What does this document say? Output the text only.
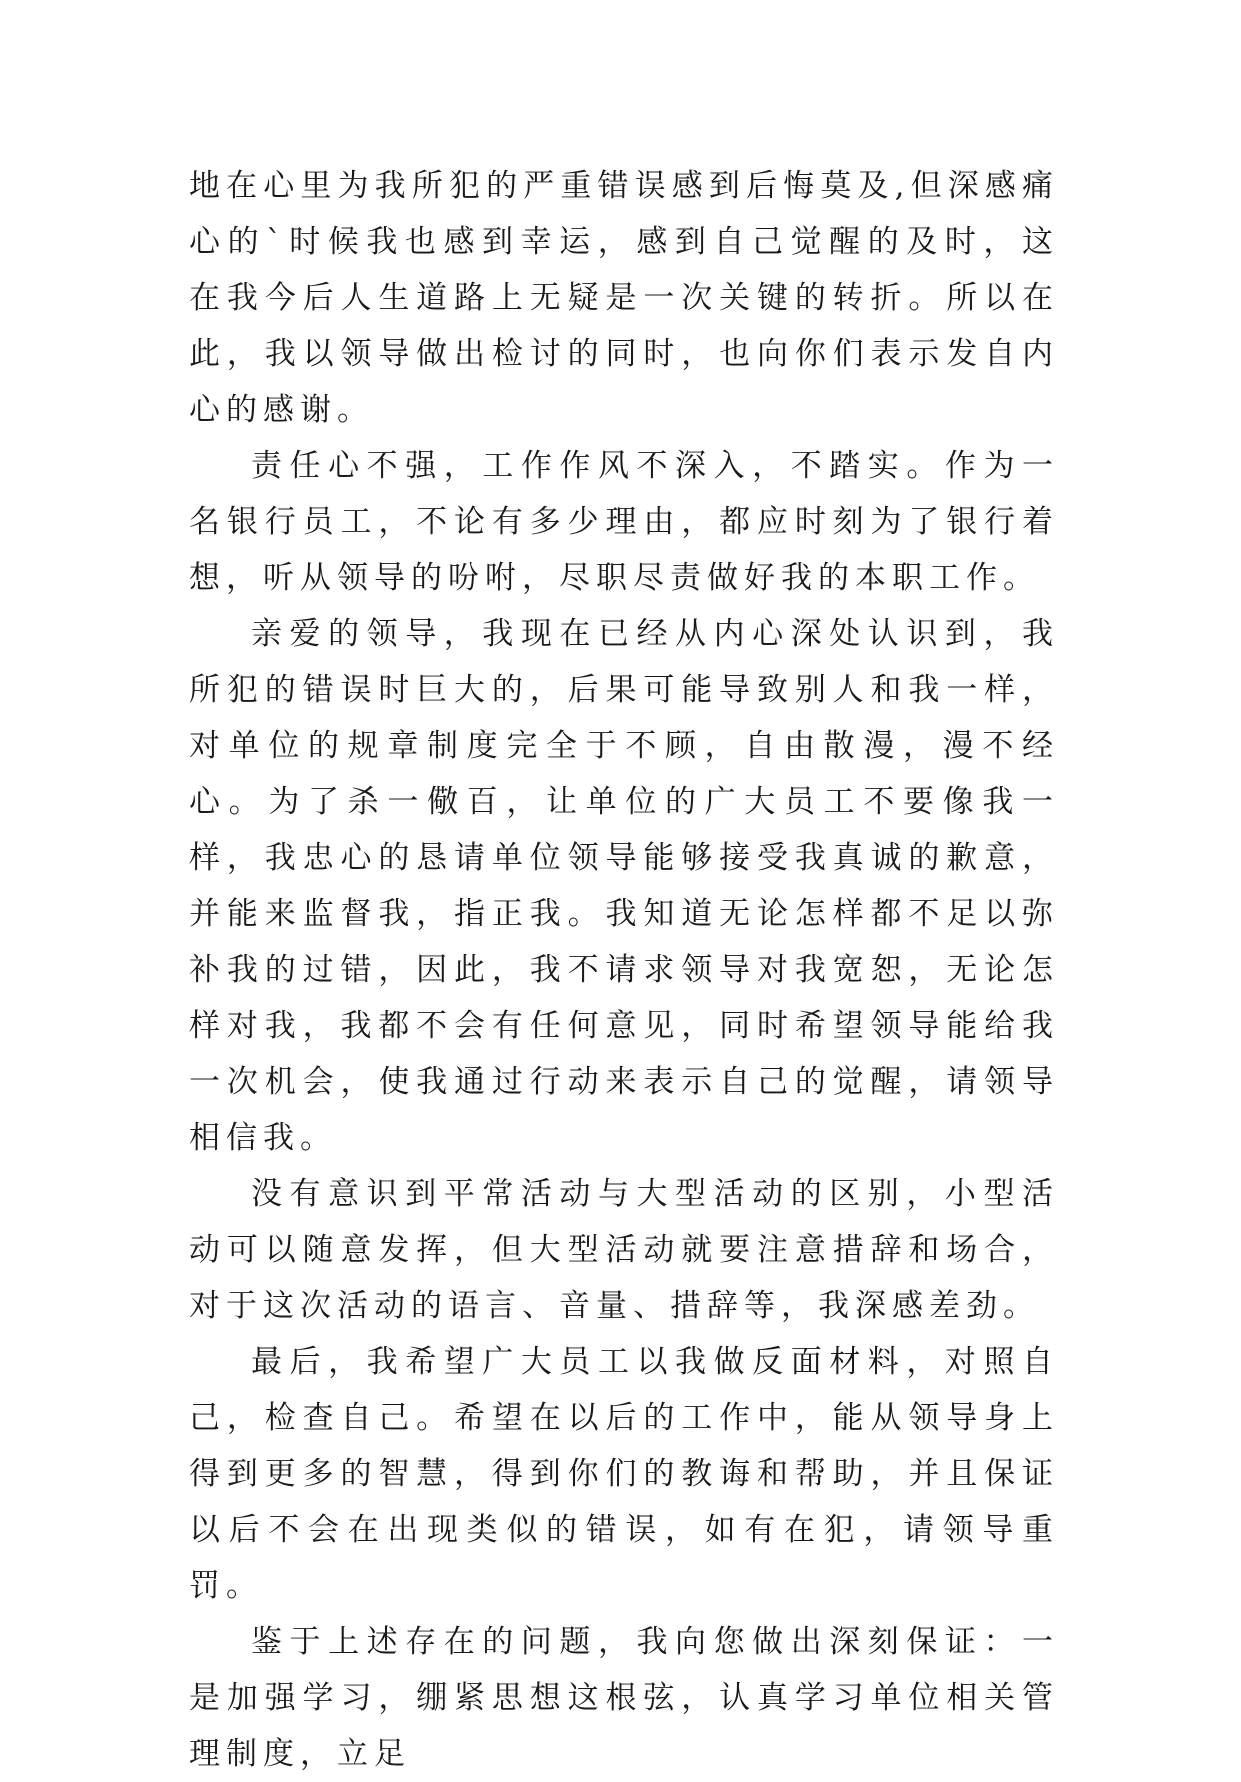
地在心里为我所犯的严重错误感到后悔莫及,但深感痛心的`时候我也感到幸运，感到自己觉醒的及时，这在我今后人生道路上无疑是一次关键的转折。所以在此，我以领导做出检讨的同时，也向你们表示发自内心的感谢。

责任心不强，工作作风不深入，不踏实。作为一名银行员工，不论有多少理由，都应时刻为了银行着想，听从领导的吩咐，尽职尽责做好我的本职工作。

亲爱的领导，我现在已经从内心深处认识到，我所犯的错误时巨大的，后果可能导致别人和我一样，对单位的规章制度完全于不顾，自由散漫，漫不经心。为了杀一儆百，让单位的广大员工不要像我一样，我忠心的恳请单位领导能够接受我真诚的歉意，并能来监督我，指正我。我知道无论怎样都不足以弥补我的过错，因此，我不请求领导对我宽恕，无论怎样对我，我都不会有任何意见，同时希望领导能给我一次机会，使我通过行动来表示自己的觉醒，请领导相信我。

没有意识到平常活动与大型活动的区别，小型活动可以随意发挥，但大型活动就要注意措辞和场合，对于这次活动的语言、音量、措辞等，我深感差劲。

最后，我希望广大员工以我做反面材料，对照自己，检查自己。希望在以后的工作中，能从领导身上得到更多的智慧，得到你们的教诲和帮助，并且保证以后不会在出现类似的错误，如有在犯，请领导重罚。

鉴于上述存在的问题，我向您做出深刻保证：一是加强学习，绷紧思想这根弦，认真学习单位相关管理制度，立足
